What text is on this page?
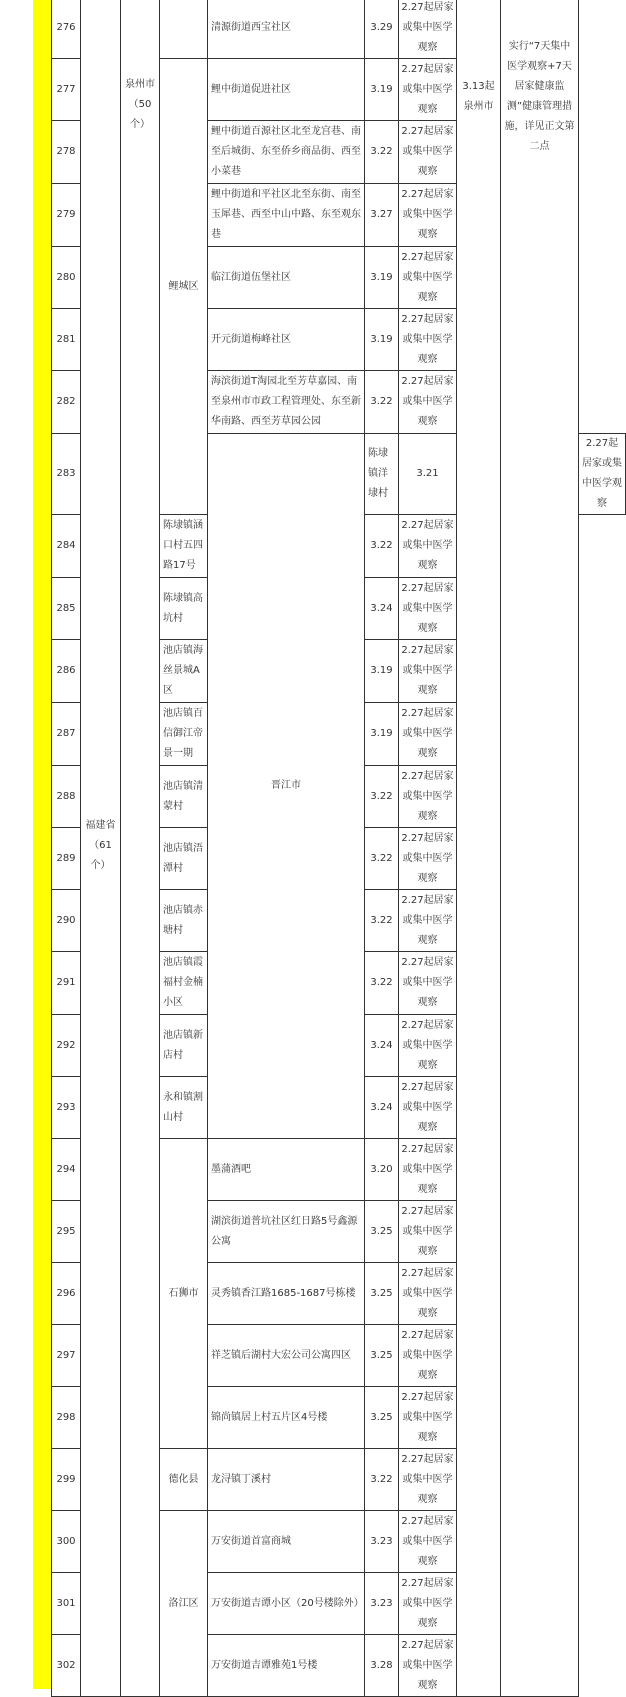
276	福建省（61个）	泉州市（50个）		清源街道西宝社区	3.29	2.27起居家或集中医学观察	3.13起泉州市	实行“7天集中医学观察+7天居家健康监测”健康管理措施，详见正文第二点	
277			鲤城区	鲤中街道促进社区	3.19	2.27起居家或集中医学观察			
278				鲤中街道百源社区北至龙宫巷、南至后城街、东至侨乡商品街、西至小菜巷	3.22	2.27起居家或集中医学观察			
279				鲤中街道和平社区北至东街、南至玉犀巷、西至中山中路、东至观东巷	3.27	2.27起居家或集中医学观察			
280				临江街道伍堡社区	3.19	2.27起居家或集中医学观察			
281				开元街道梅峰社区	3.19	2.27起居家或集中医学观察			
282				海滨街道T淘园北至芳草嘉园、南至泉州市市政工程管理处、东至新华南路、西至芳草园公园	3.22	2.27起居家或集中医学观察			
283				晋江市	陈埭镇洋埭村	3.21			2.27起居家或集中医学观察
284			陈埭镇涵口村五四路17号		3.22	2.27起居家或集中医学观察			
285			陈埭镇高坑村		3.24	2.27起居家或集中医学观察			
286			池店镇海丝景城A区		3.19	2.27起居家或集中医学观察			
287			池店镇百信御江帝景一期		3.19	2.27起居家或集中医学观察			
288			池店镇清蒙村		3.22	2.27起居家或集中医学观察			
289			池店镇浯潭村		3.22	2.27起居家或集中医学观察			
290			池店镇赤塘村		3.22	2.27起居家或集中医学观察			
291			池店镇霞福村金楠小区		3.22	2.27起居家或集中医学观察			
292			池店镇新店村		3.24	2.27起居家或集中医学观察			
293			永和镇割山村		3.24	2.27起居家或集中医学观察			
294			石狮市	墨蒲酒吧	3.20	2.27起居家或集中医学观察			
295				湖滨街道普坑社区红日路5号鑫源公寓	3.25	2.27起居家或集中医学观察			
296				灵秀镇香江路1685-1687号栋楼	3.25	2.27起居家或集中医学观察			
297				祥芝镇后湖村大宏公司公寓四区	3.25	2.27起居家或集中医学观察			
298				锦尚镇居上村五片区4号楼	3.25	2.27起居家或集中医学观察			
299			德化县	龙浔镇丁溪村	3.22	2.27起居家或集中医学观察			
300			洛江区	万安街道首富商城	3.23	2.27起居家或集中医学观察			
301				万安街道吉谭小区（20号楼除外）	3.23	2.27起居家或集中医学观察			
302				万安街道吉谭雅苑1号楼	3.28	2.27起居家或集中医学观察			
